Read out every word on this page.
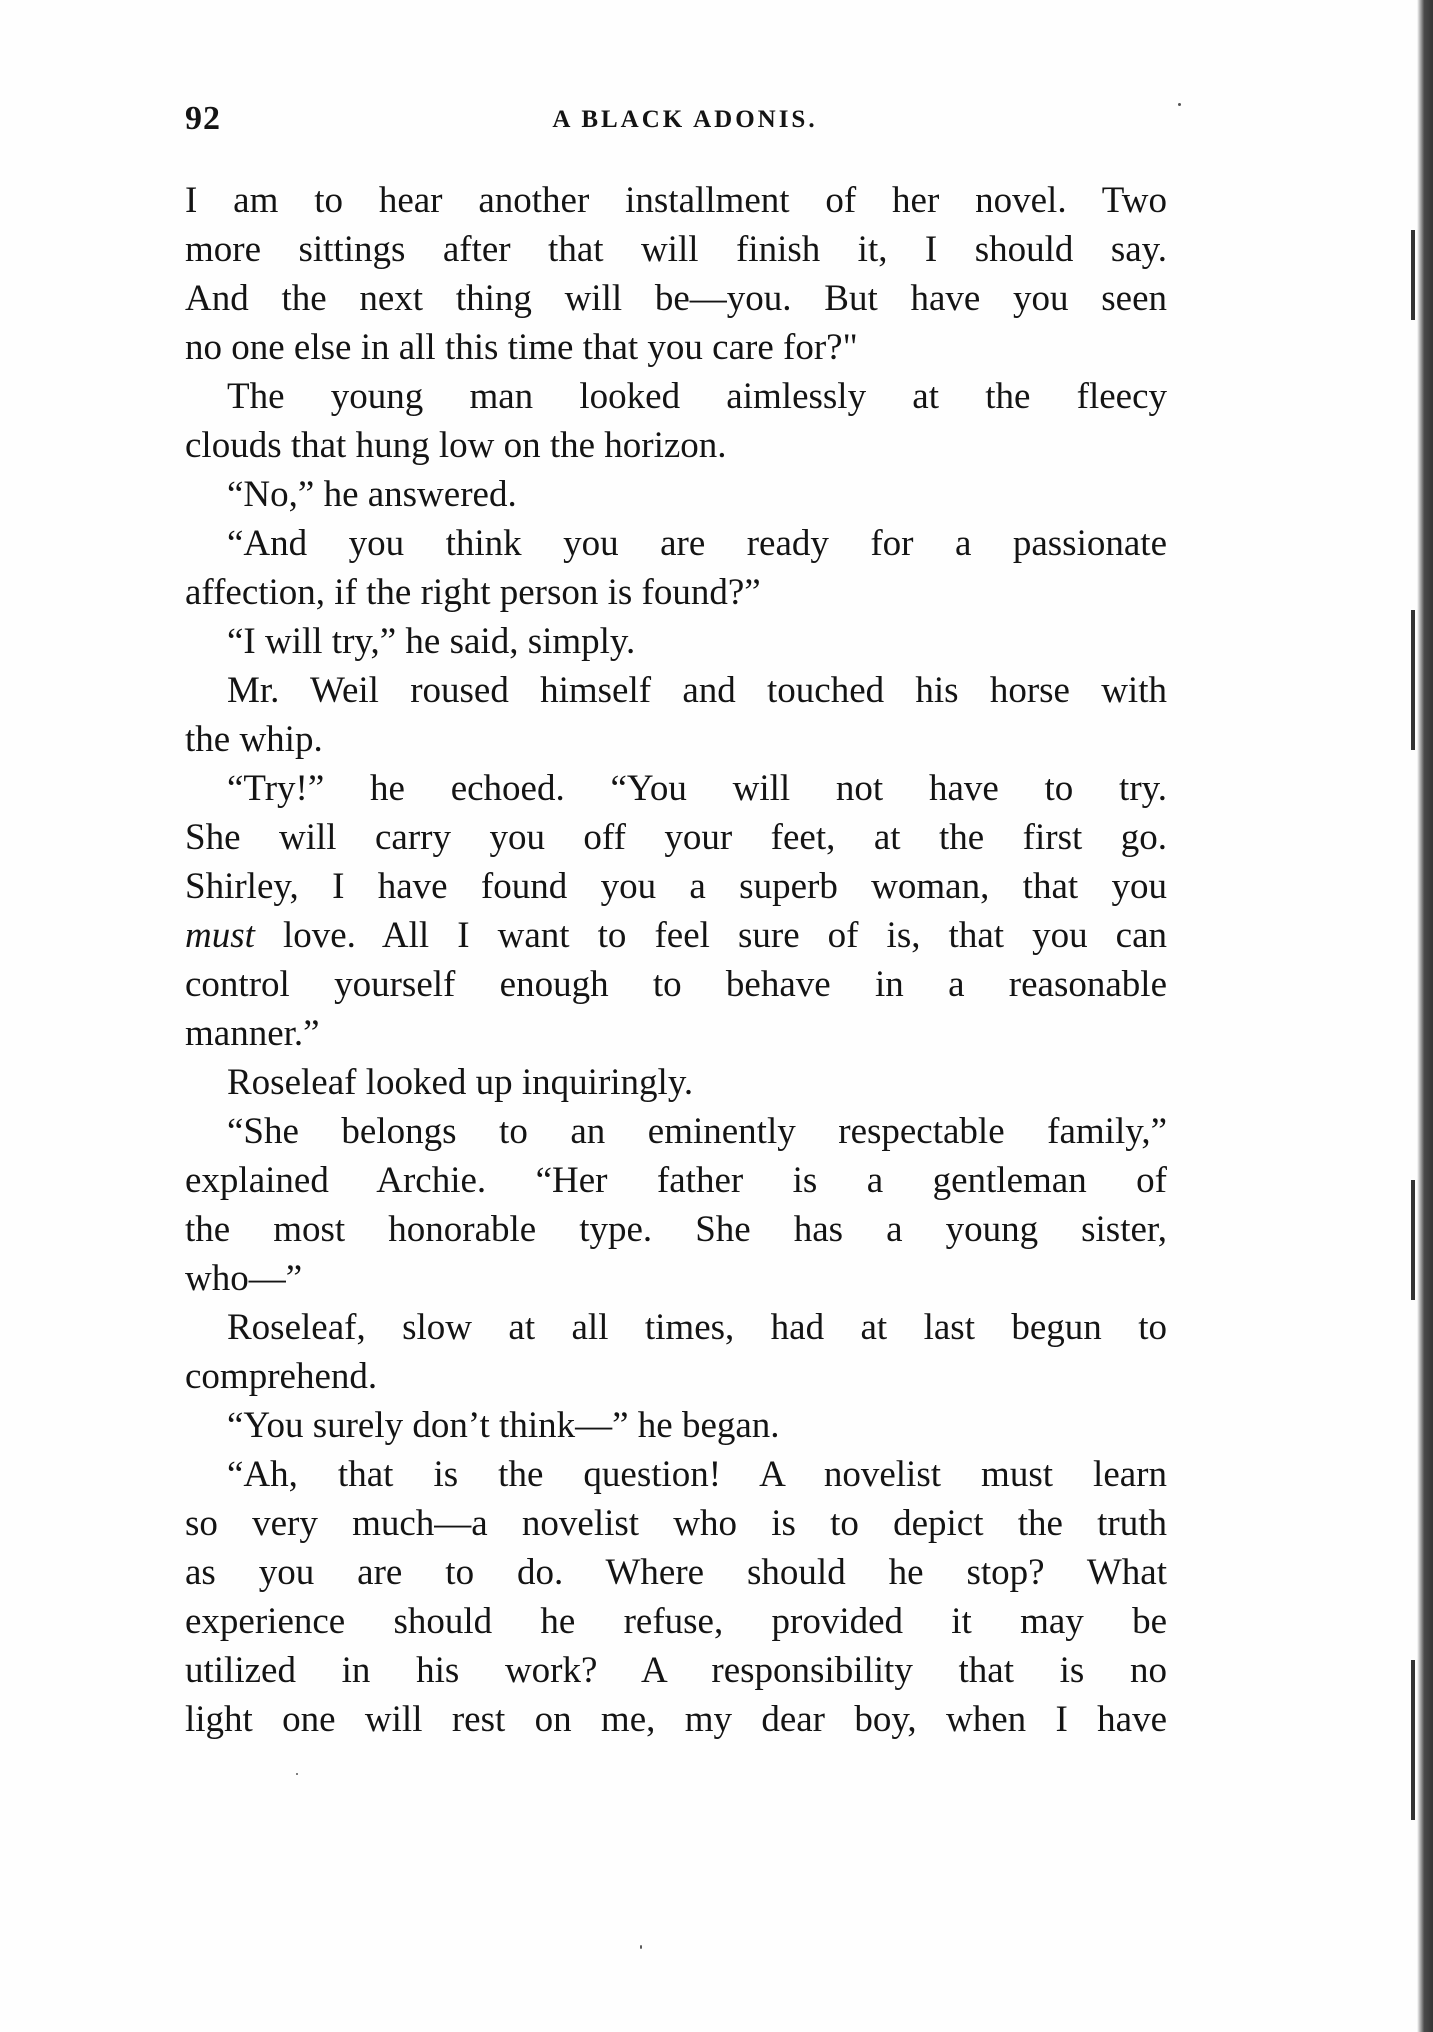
92	A BLACK ADONIS.
I am to hear another installment of her novel. Two
more sittings after that will finish it, I should say.
And the next thing will be—you. But have you seen
no one else in all this time that you care for?"
The young man looked aimlessly at the fleecy
clouds that hung low on the horizon.
“No,” he answered.
“And you think you are ready for a passionate
affection, if the right person is found?”
“I will try,” he said, simply.
Mr. Weil roused himself and touched his horse with
the whip.
“Try!” he echoed. “You will not have to try.
She will carry you off your feet, at the first go.
Shirley, I have found you a superb woman, that you
must love. All I want to feel sure of is, that you can
control yourself enough to behave in a reasonable
manner.”
Roseleaf looked up inquiringly.
“She belongs to an eminently respectable family,”
explained Archie. “Her father is a gentleman of
the most honorable type. She has a young sister,
who—”
Roseleaf, slow at all times, had at last begun to
comprehend.
“You surely don’t think—” he began.
“Ah, that is the question! A novelist must learn
so very much—a novelist who is to depict the truth
as you are to do. Where should he stop? What
experience should he refuse, provided it may be
utilized in his work? A responsibility that is no
light one will rest on me, my dear boy, when I have
